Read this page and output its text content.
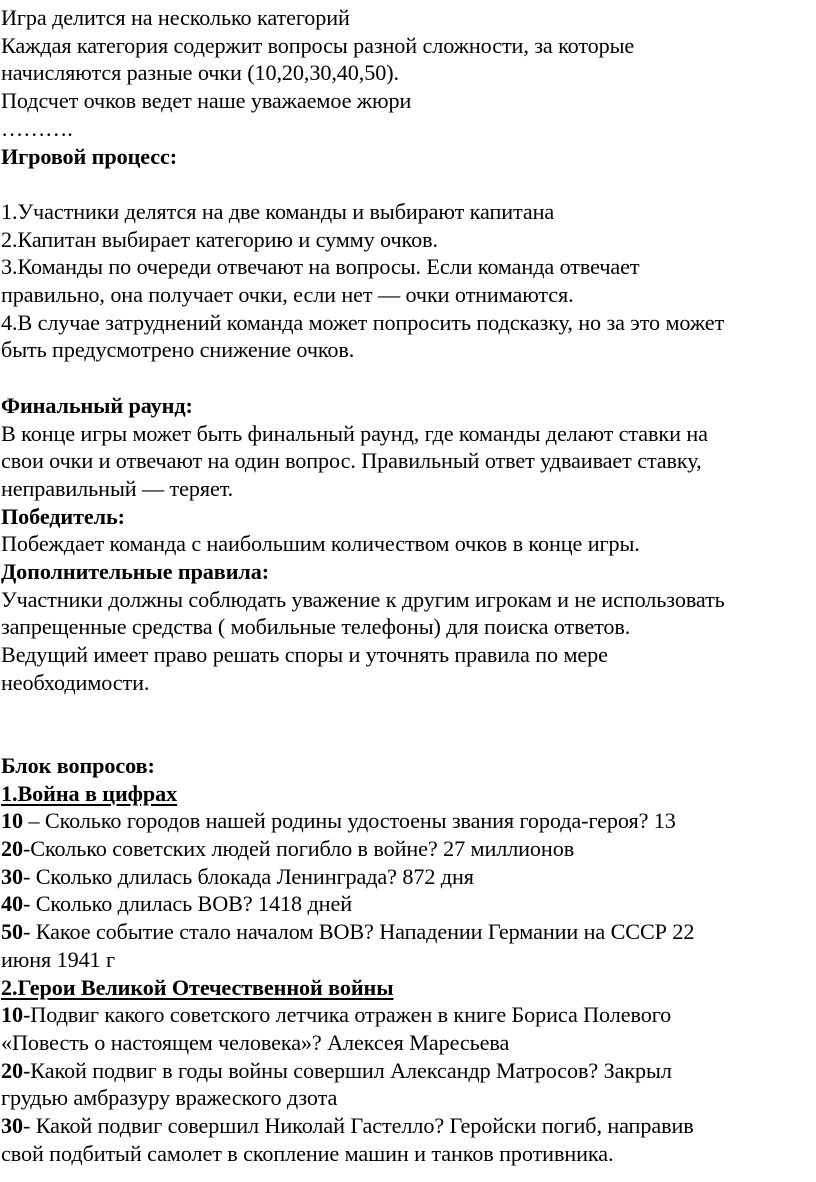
Игра делится на несколько категорий
Каждая категория содержит вопросы разной сложности, за которые
начисляются разные очки (10,20,30,40,50).
Подсчет очков ведет наше уважаемое жюри
……….
Игровой процесс:
1.Участники делятся на две команды и выбирают капитана
2.Капитан выбирает категорию и сумму очков.
3.Команды по очереди отвечают на вопросы. Если команда отвечает
правильно, она получает очки, если нет — очки отнимаются.
4.В случае затруднений команда может попросить подсказку, но за это может
быть предусмотрено снижение очков.
Финальный раунд:
В конце игры может быть финальный раунд, где команды делают ставки на
свои очки и отвечают на один вопрос. Правильный ответ удваивает ставку,
неправильный — теряет.
Победитель:
Побеждает команда с наибольшим количеством очков в конце игры.
Дополнительные правила:
Участники должны соблюдать уважение к другим игрокам и не использовать
запрещенные средства ( мобильные телефоны) для поиска ответов.
Ведущий имеет право решать споры и уточнять правила по мере
необходимости.
Блок вопросов:
1.Война в цифрах
10 – Сколько городов нашей родины удостоены звания города-героя? 13
20-Сколько советских людей погибло в войне? 27 миллионов
30- Сколько длилась блокада Ленинграда? 872 дня
40- Сколько длилась ВОВ? 1418 дней
50- Какое событие стало началом ВОВ? Нападении Германии на СССР 22
июня 1941 г
2.Герои Великой Отечественной войны
10-Подвиг какого советского летчика отражен в книге Бориса Полевого
«Повесть о настоящем человека»? Алексея Маресьева
20-Какой подвиг в годы войны совершил Александр Матросов? Закрыл
грудью амбразуру вражеского дзота
30- Какой подвиг совершил Николай Гастелло? Геройски погиб, направив
свой подбитый самолет в скопление машин и танков противника.
